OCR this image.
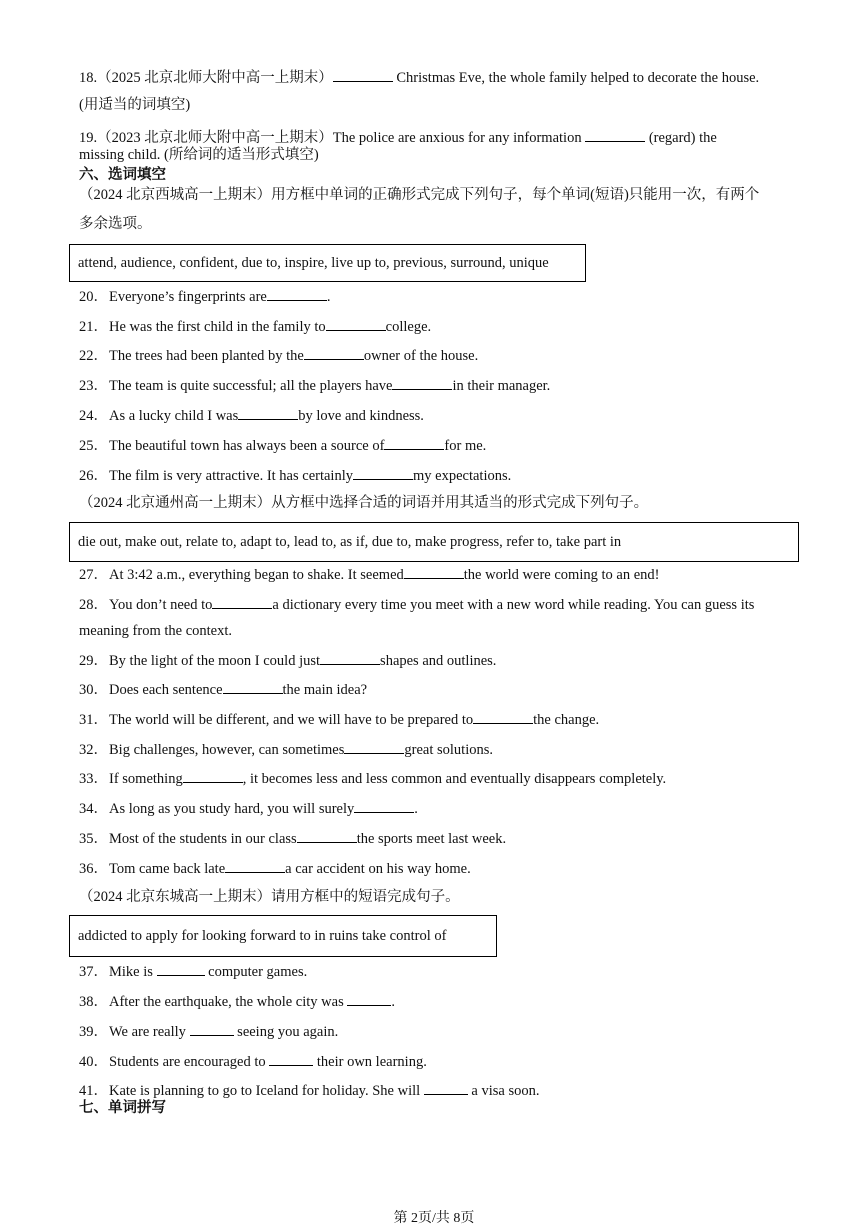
18.（2025 北京北师大附中高一上期末）	Christmas Eve, the whole family helped to decorate the house.
(用适当的词填空)
19.（2023 北京北师大附中高一上期末）The police are anxious for any information	(regard) the
missing child. (所给词的适当形式填空)
六、选词填空
（2024 北京西城高一上期末）用方框中单词的正确形式完成下列句子，每个单词(短语)只能用一次，有两个
多余选项。
attend, audience, confident, due to, inspire, live up to, previous, surround, unique
20．Everyone’s fingerprints are	.
21．He was the first child in the family to	college.
22．The trees had been planted by the	owner of the house.
23．The team is quite successful; all the players have	in their manager.
24．As a lucky child I was	by love and kindness.
25．The beautiful town has always been a source of	for me.
26．The film is very attractive. It has certainly	my expectations.
（2024 北京通州高一上期末）从方框中选择合适的词语并用其适当的形式完成下列句子。
die out, make out, relate to, adapt to, lead to, as if, due to, make progress, refer to, take part in
27．At 3:42 a.m., everything began to shake. It seemed	the world were coming to an end!
28．You don’t need to	a dictionary every time you meet with a new word while reading. You can guess its
meaning from the context.
29．By the light of the moon I could just	shapes and outlines.
30．Does each sentence	the main idea?
31．The world will be different, and we will have to be prepared to	the change.
32．Big challenges, however, can sometimes	great solutions.
33．If something	, it becomes less and less common and eventually disappears completely.
34．As long as you study hard, you will surely	.
35．Most of the students in our class	the sports meet last week.
36．Tom came back late	a car accident on his way home.
（2024 北京东城高一上期末）请用方框中的短语完成句子。
addicted to apply for looking forward to in ruins take control of
37．Mike is	computer games.
38．After the earthquake, the whole city was	.
39．We are really	seeing you again.
40．Students are encouraged to	their own learning.
41．Kate is planning to go to Iceland for holiday. She will	a visa soon.
七、单词拼写
第 2页/共 8页
